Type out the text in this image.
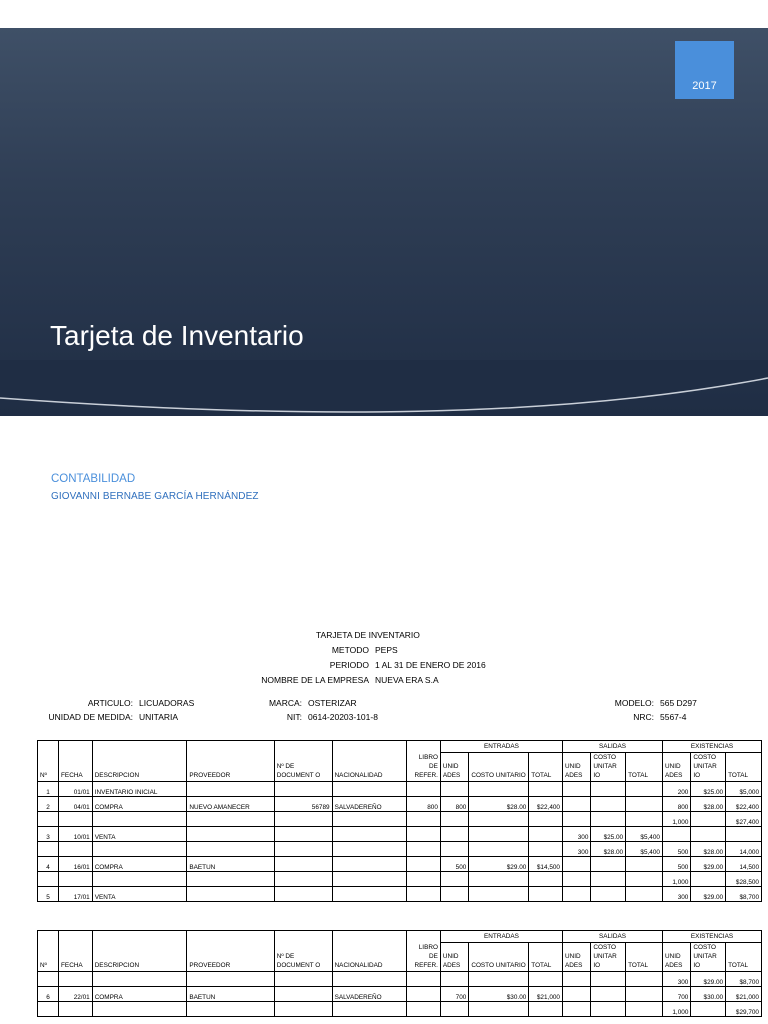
2017
Tarjeta de Inventario
CONTABILIDAD
GIOVANNI BERNABE GARCÍA HERNÁNDEZ
TARJETA DE INVENTARIO
METODO PEPS
PERIODO 1 AL 31 DE ENERO DE 2016
NOMBRE DE LA EMPRESA NUEVA ERA S.A
ARTICULO: LICUADORAS
UNIDAD DE MEDIDA: UNITARIA
MARCA: OSTERIZAR
NIT: 0614-20203-101-8
MODELO: 565 D297
NRC: 5567-4
Nº	FECHA	DESCRIPCION	PROVEEDOR	Nº DE DOCUMENT O	NACIONALIDAD	LIBRO DE REFER.	ENTRADAS			SALIDAS			EXISTENCIAS		
							UNID ADES	COSTO UNITARIO	TOTAL	UNID ADES	COSTO UNITAR IO	TOTAL	UNID ADES	COSTO UNITAR IO	TOTAL
1	01/01	INVENTARIO INICIAL											200	$25.00	$5,000
2	04/01	COMPRA	NUEVO AMANECER	56789	SALVADEREÑO	800	800	$28.00	$22,400				800	$28.00	$22,400
													1,000		$27,400
3	10/01	VENTA								300	$25.00	$5,400			
										300	$28.00	$5,400	500	$28.00	14,000
4	16/01	COMPRA	BAETUN				500	$29.00	$14,500				500	$29.00	14,500
													1,000		$28,500
5	17/01	VENTA											300	$29.00	$8,700
Nº	FECHA	DESCRIPCION	PROVEEDOR	Nº DE DOCUMENT O	NACIONALIDAD	LIBRO DE REFER.	ENTRADAS			SALIDAS			EXISTENCIAS		
							UNID ADES	COSTO UNITARIO	TOTAL	UNID ADES	COSTO UNITAR IO	TOTAL	UNID ADES	COSTO UNITAR IO	TOTAL
													300	$29.00	$8,700
6	22/01	COMPRA	BAETUN		SALVADEREÑO		700	$30.00	$21,000				700	$30.00	$21,000
													1,000		$29,700
